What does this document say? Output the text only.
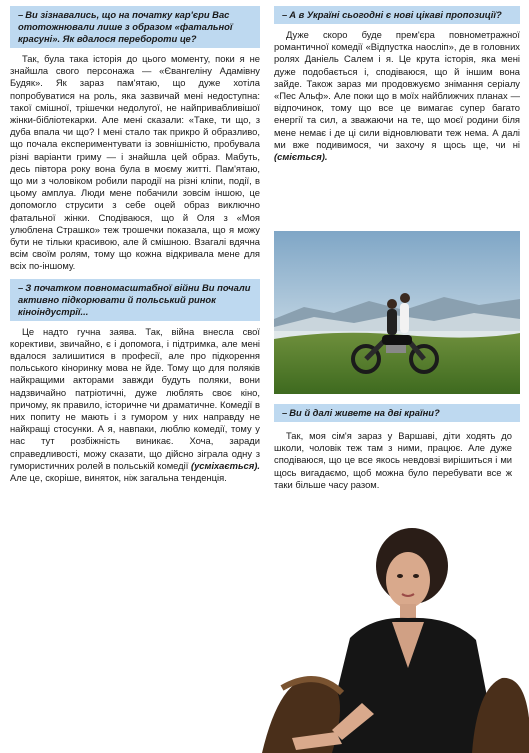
– Ви зізнавались, що на початку кар'єри Вас ототожнювали лише з образом «фатальної красуні». Як вдалося перебороти це?
Так, була така історія до цього моменту, поки я не знайшла свого персонажа — «Євангеліну Адамівну Будяк». Як зараз пам'ятаю, що дуже хотіла попробуватися на роль, яка зазвичай мені недоступна: такої смішної, трішечки недолугої, не найпривабливішої жінки-бібліотекарки. Але мені сказали: «Таке, ти що, з дуба впала чи що? І мені стало так прикро й образливо, що почала експериментувати із зовнішністю, пробувала різні варіанти гриму — і знайшла цей образ. Мабуть, десь півтора року вона була в моєму житті. Пам'ятаю, що ми з чоловіком робили пародії на різні кліпи, події, в цьому амплуа. Люди мене побачили зовсім іншою, це допомогло струсити з себе оцей образ виключно фатальної жінки. Сподіваюся, що й Оля з «Моя улюблена Страшко» теж трошечки показала, що я можу бути не тільки красивою, але й смішною. Взагалі вдячна всім своїм ролям, тому що кожна відкривала мене для всіх по-іншому.
– З початком повномасштабної війни Ви почали активно підкорювати й польський ринок кіноіндустрії...
Це надто гучна заява. Так, війна внесла свої корективи, звичайно, є і допомога, і підтримка, але мені вдалося залишитися в професії, але про підкорення польського кіноринку мова не йде. Тому що для поляків найкращими акторами завжди будуть поляки, вони надзвичайно патріотичні, дуже люблять своє кіно, причому, як правило, історичне чи драматичне. Комедії в них попиту не мають і з гумором у них направду не найкращі стосунки. А я, навпаки, люблю комедії, тому у нас тут розбіжність виникає. Хоча, заради справедливості, можу сказати, що дійсно зіграла одну з гумористичних ролей в польській комедії (усміхається). Але це, скоріше, виняток, ніж загальна тенденція.
– А в Україні сьогодні є нові цікаві пропозиції?
Дуже скоро буде прем'єра повнометражної романтичної комедії «Відпустка наосліп», де в головних ролях Даніель Салем і я. Це крута історія, яка мені дуже подобається і, сподіваюся, що й іншим вона зайде. Також зараз ми продовжуємо знімання серіалу «Пес Альф». Але поки що в моїх найближчих планах — відпочинок, тому що все це вимагає супер багато енергії та сил, а зважаючи на те, що моєї родини біля мене немає і де ці сили відновлювати теж нема. А далі ми вже подивимося, чи захочу я щось ще, чи ні (сміється).
– Ви й далі живете на дві країни?
Так, моя сім'я зараз у Варшаві, діти ходять до школи, чоловік теж там з ними, працює. Але дуже сподіваюся, що це все якось невдовзі вирішиться і ми щось вигадаємо, щоб можна було перебувати все ж таки більше часу разом.
